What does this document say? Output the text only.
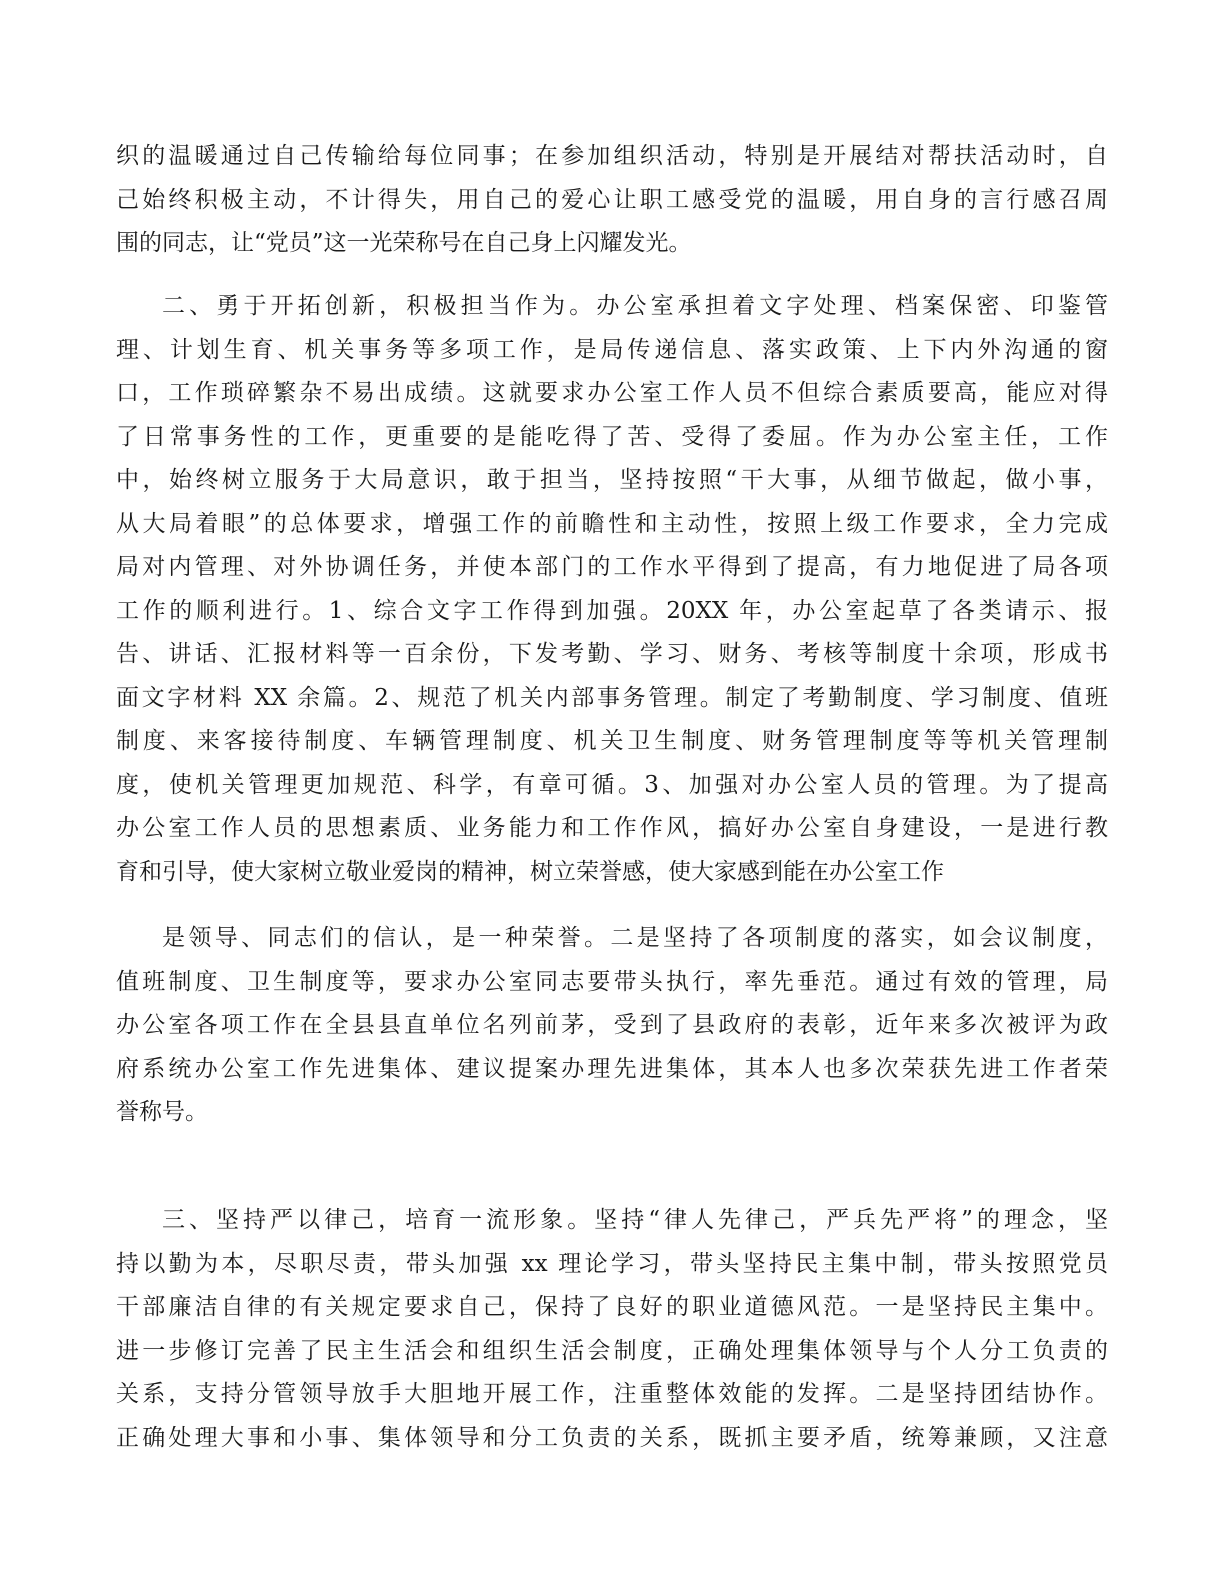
织的温暖通过自己传输给每位同事；在参加组织活动，特别是开展结对帮扶活动时，自
己始终积极主动，不计得失，用自己的爱心让职工感受党的温暖，用自身的言行感召周
围的同志，让“党员”这一光荣称号在自己身上闪耀发光。
二、勇于开拓创新，积极担当作为。办公室承担着文字处理、档案保密、印鉴管
理、计划生育、机关事务等多项工作，是局传递信息、落实政策、上下内外沟通的窗
口，工作琐碎繁杂不易出成绩。这就要求办公室工作人员不但综合素质要高，能应对得
了日常事务性的工作，更重要的是能吃得了苦、受得了委屈。作为办公室主任，工作
中，始终树立服务于大局意识，敢于担当，坚持按照“干大事，从细节做起，做小事，
从大局着眼”的总体要求，增强工作的前瞻性和主动性，按照上级工作要求，全力完成
局对内管理、对外协调任务，并使本部门的工作水平得到了提高，有力地促进了局各项
工作的顺利进行。1、综合文字工作得到加强。20XX 年，办公室起草了各类请示、报
告、讲话、汇报材料等一百余份，下发考勤、学习、财务、考核等制度十余项，形成书
面文字材料 XX 余篇。2、规范了机关内部事务管理。制定了考勤制度、学习制度、值班
制度、来客接待制度、车辆管理制度、机关卫生制度、财务管理制度等等机关管理制
度，使机关管理更加规范、科学，有章可循。3、加强对办公室人员的管理。为了提高
办公室工作人员的思想素质、业务能力和工作作风，搞好办公室自身建设，一是进行教
育和引导，使大家树立敬业爱岗的精神，树立荣誉感，使大家感到能在办公室工作
是领导、同志们的信认，是一种荣誉。二是坚持了各项制度的落实，如会议制度，
值班制度、卫生制度等，要求办公室同志要带头执行，率先垂范。通过有效的管理，局
办公室各项工作在全县县直单位名列前茅，受到了县政府的表彰，近年来多次被评为政
府系统办公室工作先进集体、建议提案办理先进集体，其本人也多次荣获先进工作者荣
誉称号。
三、坚持严以律己，培育一流形象。坚持“律人先律己，严兵先严将”的理念，坚
持以勤为本，尽职尽责，带头加强 xx 理论学习，带头坚持民主集中制，带头按照党员
干部廉洁自律的有关规定要求自己，保持了良好的职业道德风范。一是坚持民主集中。
进一步修订完善了民主生活会和组织生活会制度，正确处理集体领导与个人分工负责的
关系，支持分管领导放手大胆地开展工作，注重整体效能的发挥。二是坚持团结协作。
正确处理大事和小事、集体领导和分工负责的关系，既抓主要矛盾，统筹兼顾，又注意
